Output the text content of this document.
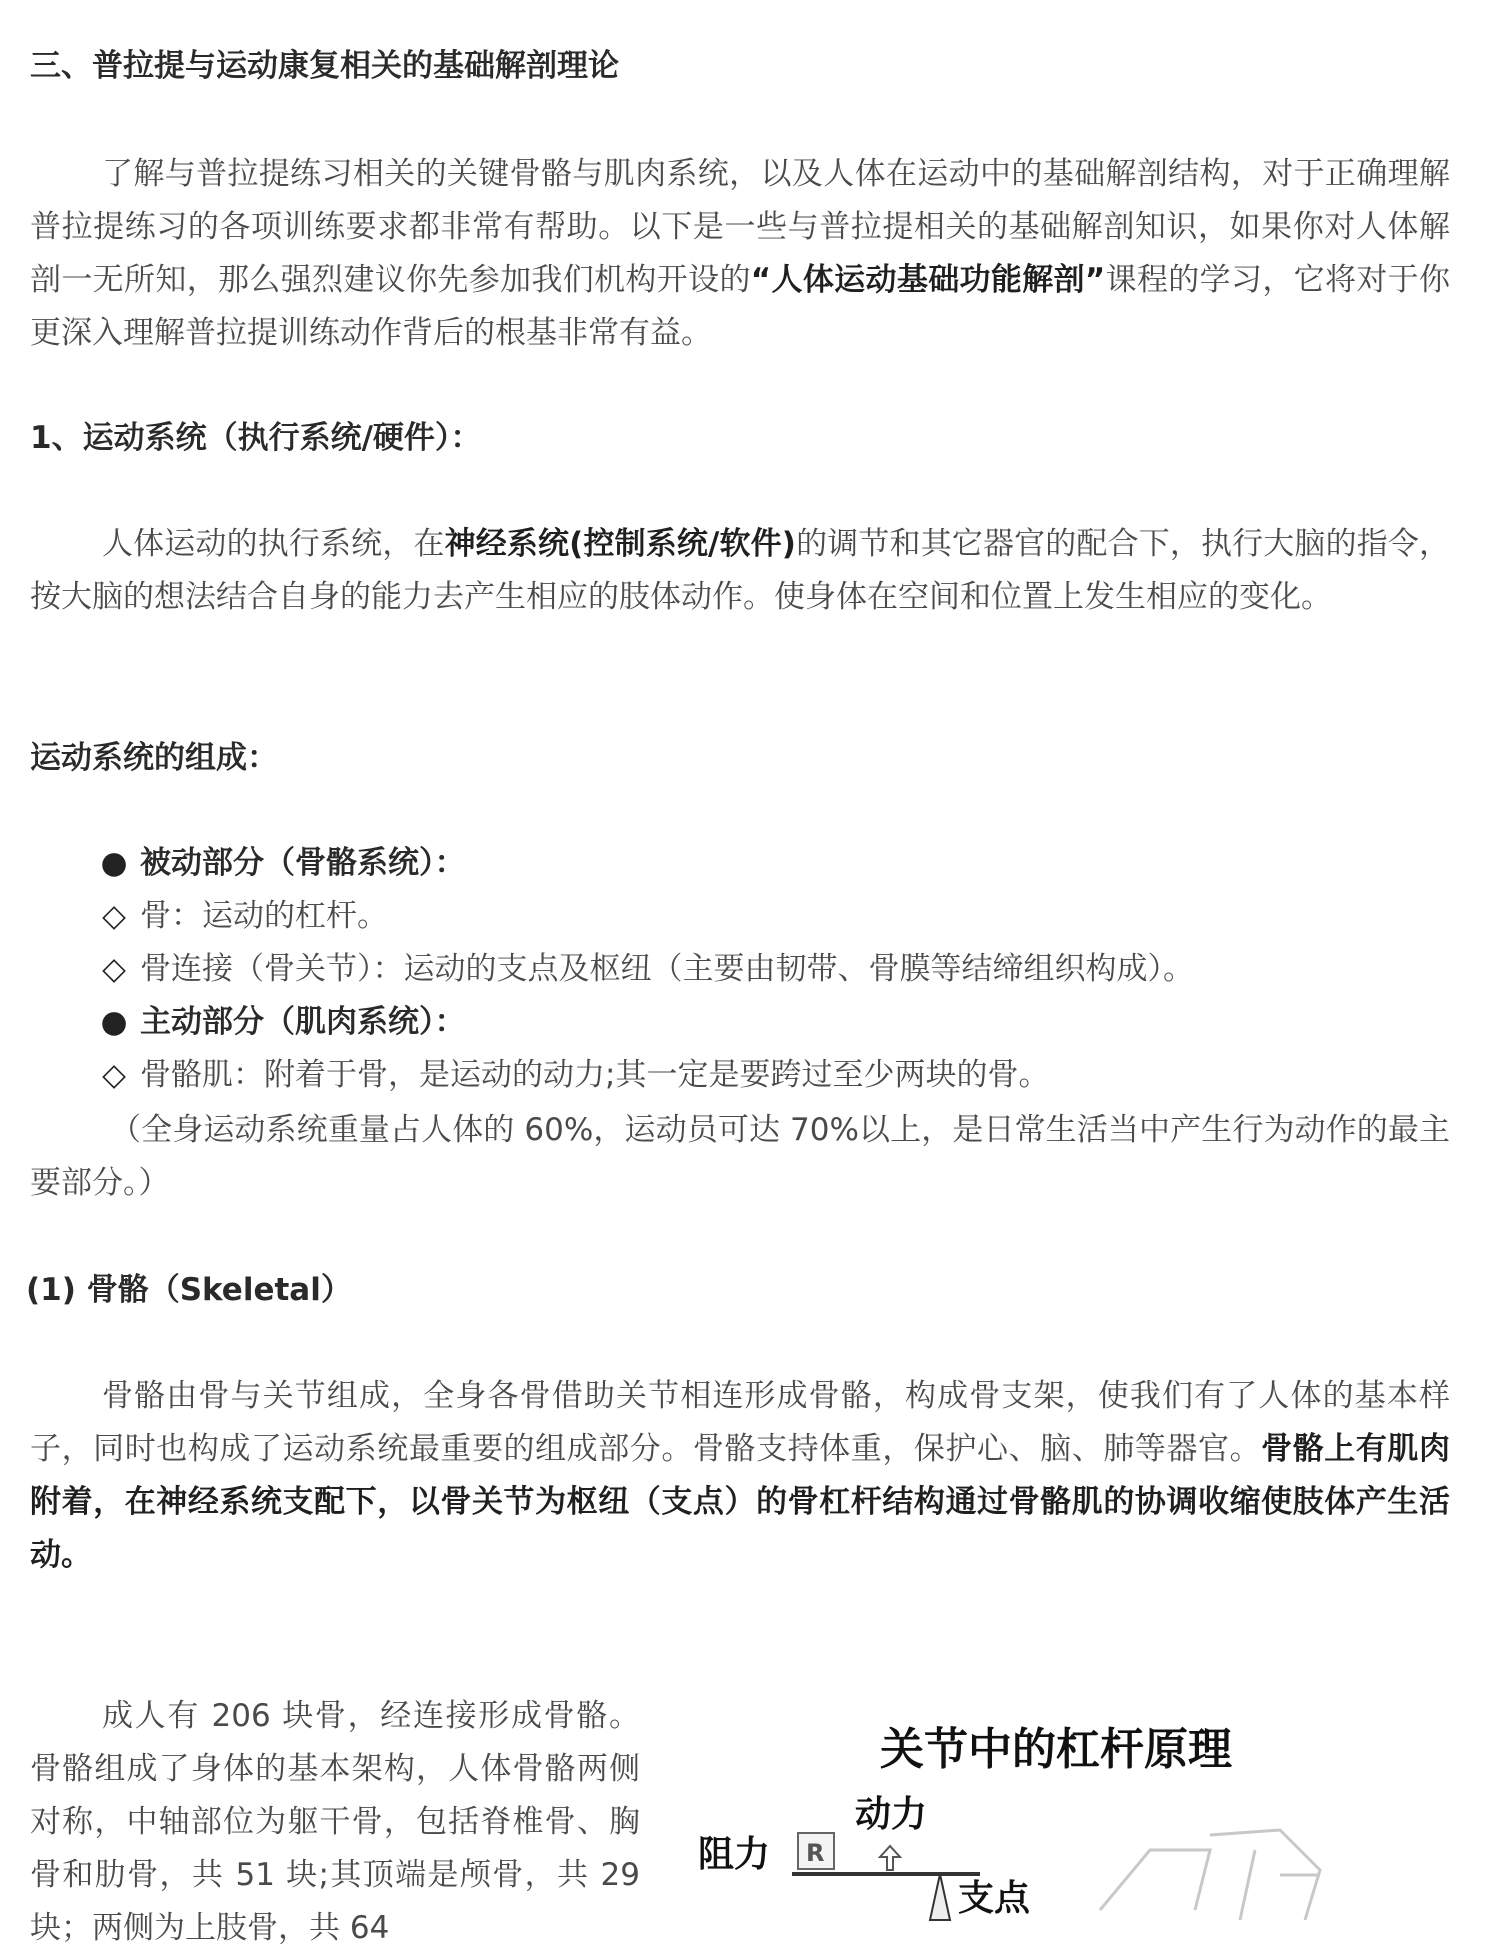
三、普拉提与运动康复相关的基础解剖理论

了解与普拉提练习相关的关键骨骼与肌肉系统，以及人体在运动中的基础解剖结构，对于正确理解普拉提练习的各项训练要求都非常有帮助。以下是一些与普拉提相关的基础解剖知识，如果你对人体解剖一无所知，那么强烈建议你先参加我们机构开设的“人体运动基础功能解剖”课程的学习，它将对于你更深入理解普拉提训练动作背后的根基非常有益。

1、运动系统（执行系统/硬件）：

人体运动的执行系统，在神经系统(控制系统/软件)的调节和其它器官的配合下，执行大脑的指令，按大脑的想法结合自身的能力去产生相应的肢体动作。使身体在空间和位置上发生相应的变化。

运动系统的组成：

● 被动部分（骨骼系统）：
◇ 骨：运动的杠杆。
◇ 骨连接（骨关节）：运动的支点及枢纽（主要由韧带、骨膜等结缔组织构成）。
● 主动部分（肌肉系统）：
◇ 骨骼肌：附着于骨，是运动的动力;其一定是要跨过至少两块的骨。

（全身运动系统重量占人体的 60%，运动员可达 70%以上，是日常生活当中产生行为动作的最主要部分。）

(1) 骨骼（Skeletal）

骨骼由骨与关节组成，全身各骨借助关节相连形成骨骼，构成骨支架，使我们有了人体的基本样子，同时也构成了运动系统最重要的组成部分。骨骼支持体重，保护心、脑、肺等器官。骨骼上有肌肉附着，在神经系统支配下，以骨关节为枢纽（支点）的骨杠杆结构通过骨骼肌的协调收缩使肢体产生活动。

成人有 206 块骨，经连接形成骨骼。骨骼组成了身体的基本架构，人体骨骼两侧对称，中轴部位为躯干骨，包括脊椎骨、胸骨和肋骨，共 51 块;其顶端是颅骨，共 29 块；两侧为上肢骨，共 64

关节中的杠杆原理
动力
阻力 R
支点
